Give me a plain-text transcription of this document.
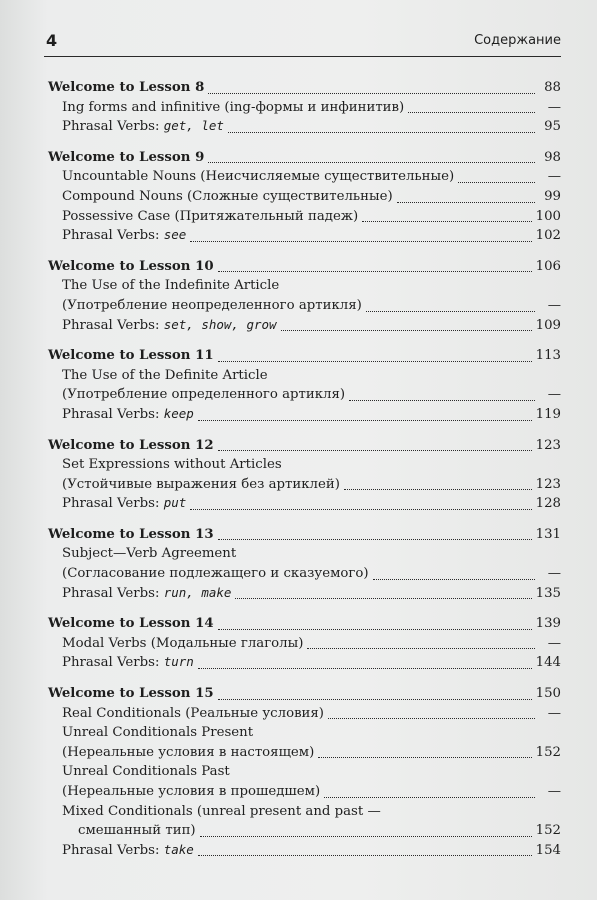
4	Содержание
Welcome to Lesson 8	88
Ing forms and infinitive (ing-формы и инфинитив)	—
Phrasal Verbs: get, let	95
Welcome to Lesson 9	98
Uncountable Nouns (Неисчисляемые существительные)	—
Compound Nouns (Сложные существительные)	99
Possessive Case (Притяжательный падеж)	100
Phrasal Verbs: see	102
Welcome to Lesson 10	106
The Use of the Indefinite Article
(Употребление неопределенного артикля)	—
Phrasal Verbs: set, show, grow	109
Welcome to Lesson 11	113
The Use of the Definite Article
(Употребление определенного артикля)	—
Phrasal Verbs: keep	119
Welcome to Lesson 12	123
Set Expressions without Articles
(Устойчивые выражения без артиклей)	123
Phrasal Verbs: put	128
Welcome to Lesson 13	131
Subject—Verb Agreement
(Согласование подлежащего и сказуемого)	—
Phrasal Verbs: run, make	135
Welcome to Lesson 14	139
Modal Verbs (Модальные глаголы)	—
Phrasal Verbs: turn	144
Welcome to Lesson 15	150
Real Conditionals (Реальные условия)	—
Unreal Conditionals Present
(Нереальные условия в настоящем)	152
Unreal Conditionals Past
(Нереальные условия в прошедшем)	—
Mixed Conditionals (unreal present and past —
смешанный тип)	152
Phrasal Verbs: take	154
